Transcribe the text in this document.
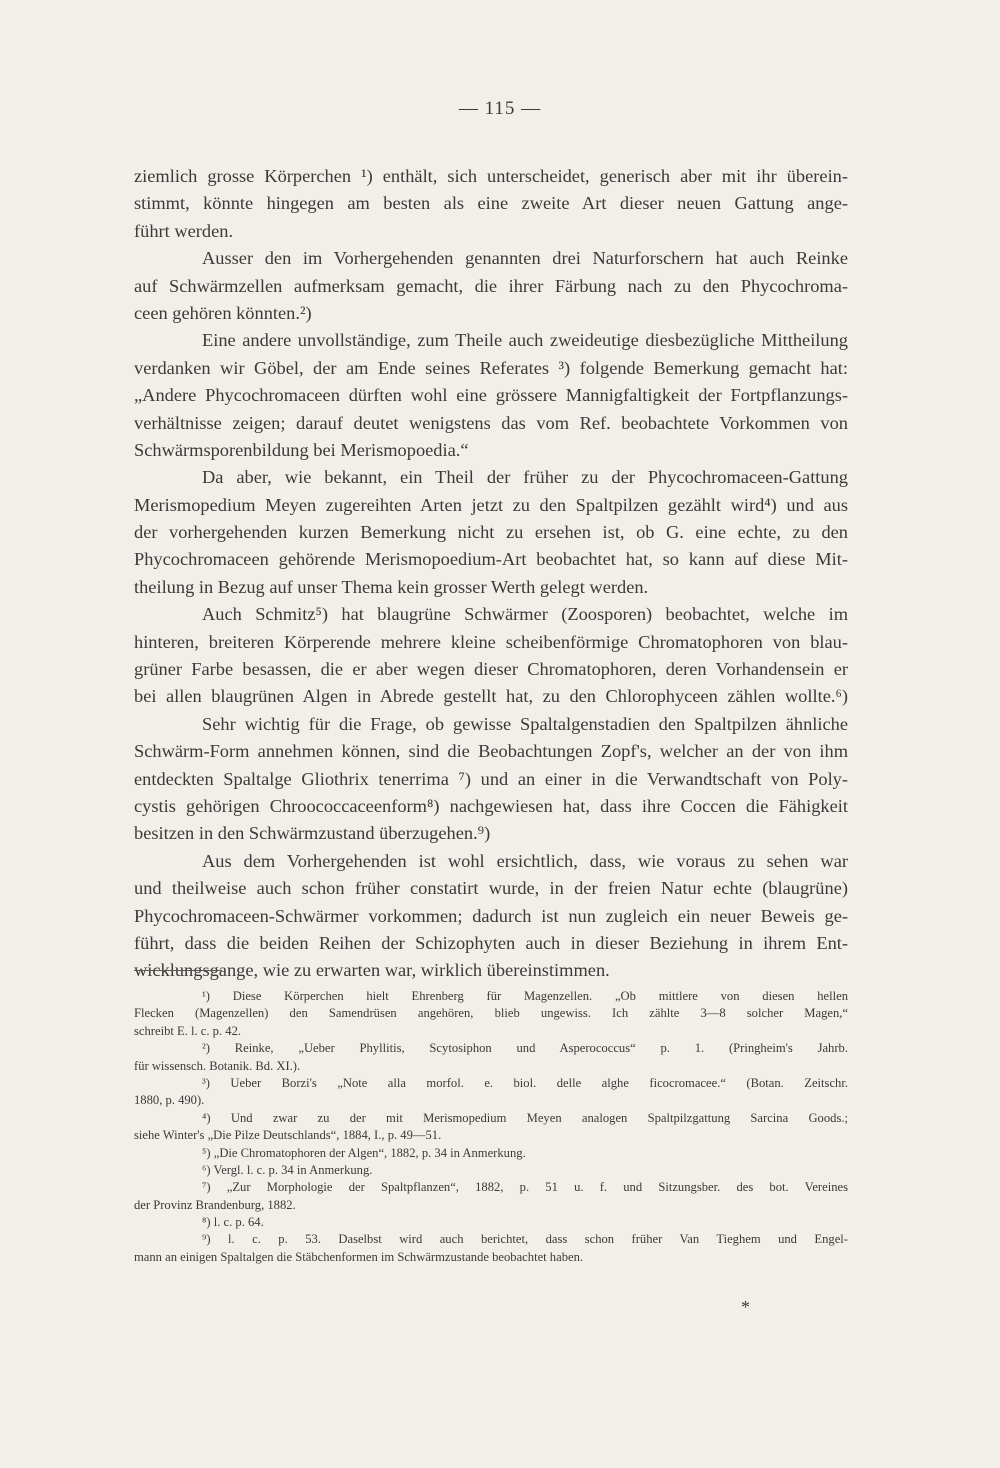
— 115 —
ziemlich grosse Körperchen ¹) enthält, sich unterscheidet, generisch aber mit ihr überein-
stimmt, könnte hingegen am besten als eine zweite Art dieser neuen Gattung ange-
führt werden.
Ausser den im Vorhergehenden genannten drei Naturforschern hat auch Reinke
auf Schwärmzellen aufmerksam gemacht, die ihrer Färbung nach zu den Phycochroma-
ceen gehören könnten.²)
Eine andere unvollständige, zum Theile auch zweideutige diesbezügliche Mittheilung
verdanken wir Göbel, der am Ende seines Referates ³) folgende Bemerkung gemacht hat:
„Andere Phycochromaceen dürften wohl eine grössere Mannigfaltigkeit der Fortpflanzungs-
verhältnisse zeigen; darauf deutet wenigstens das vom Ref. beobachtete Vorkommen von
Schwärmsporenbildung bei Merismopoedia.“
Da aber, wie bekannt, ein Theil der früher zu der Phycochromaceen-Gattung
Merismopedium Meyen zugereihten Arten jetzt zu den Spaltpilzen gezählt wird⁴) und aus
der vorhergehenden kurzen Bemerkung nicht zu ersehen ist, ob G. eine echte, zu den
Phycochromaceen gehörende Merismopoedium-Art beobachtet hat, so kann auf diese Mit-
theilung in Bezug auf unser Thema kein grosser Werth gelegt werden.
Auch Schmitz⁵) hat blaugrüne Schwärmer (Zoosporen) beobachtet, welche im
hinteren, breiteren Körperende mehrere kleine scheibenförmige Chromatophoren von blau-
grüner Farbe besassen, die er aber wegen dieser Chromatophoren, deren Vorhandensein er
bei allen blaugrünen Algen in Abrede gestellt hat, zu den Chlorophyceen zählen wollte.⁶)
Sehr wichtig für die Frage, ob gewisse Spaltalgenstadien den Spaltpilzen ähnliche
Schwärm-Form annehmen können, sind die Beobachtungen Zopf's, welcher an der von ihm
entdeckten Spaltalge Gliothrix tenerrima ⁷) und an einer in die Verwandtschaft von Poly-
cystis gehörigen Chroococcaceenform⁸) nachgewiesen hat, dass ihre Coccen die Fähigkeit
besitzen in den Schwärmzustand überzugehen.⁹)
Aus dem Vorhergehenden ist wohl ersichtlich, dass, wie voraus zu sehen war
und theilweise auch schon früher constatirt wurde, in der freien Natur echte (blaugrüne)
Phycochromaceen-Schwärmer vorkommen; dadurch ist nun zugleich ein neuer Beweis ge-
führt, dass die beiden Reihen der Schizophyten auch in dieser Beziehung in ihrem Ent-
wicklungsgange, wie zu erwarten war, wirklich übereinstimmen.
¹) Diese Körperchen hielt Ehrenberg für Magenzellen. „Ob mittlere von diesen hellen
Flecken (Magenzellen) den Samendrüsen angehören, blieb ungewiss. Ich zählte 3—8 solcher Magen,“
schreibt E. l. c. p. 42.
²) Reinke, „Ueber Phyllitis, Scytosiphon und Asperococcus“ p. 1. (Pringheim's Jahrb.
für wissensch. Botanik. Bd. XI.).
³) Ueber Borzi's „Note alla morfol. e. biol. delle alghe ficocromacee.“ (Botan. Zeitschr.
1880, p. 490).
⁴) Und zwar zu der mit Merismopedium Meyen analogen Spaltpilzgattung Sarcina Goods.;
siehe Winter's „Die Pilze Deutschlands“, 1884, I., p. 49—51.
⁵) „Die Chromatophoren der Algen“, 1882, p. 34 in Anmerkung.
⁶) Vergl. l. c. p. 34 in Anmerkung.
⁷) „Zur Morphologie der Spaltpflanzen“, 1882, p. 51 u. f. und Sitzungsber. des bot. Vereines
der Provinz Brandenburg, 1882.
⁸) l. c. p. 64.
⁹) l. c. p. 53. Daselbst wird auch berichtet, dass schon früher Van Tieghem und Engel-
mann an einigen Spaltalgen die Stäbchenformen im Schwärmzustande beobachtet haben.
*
